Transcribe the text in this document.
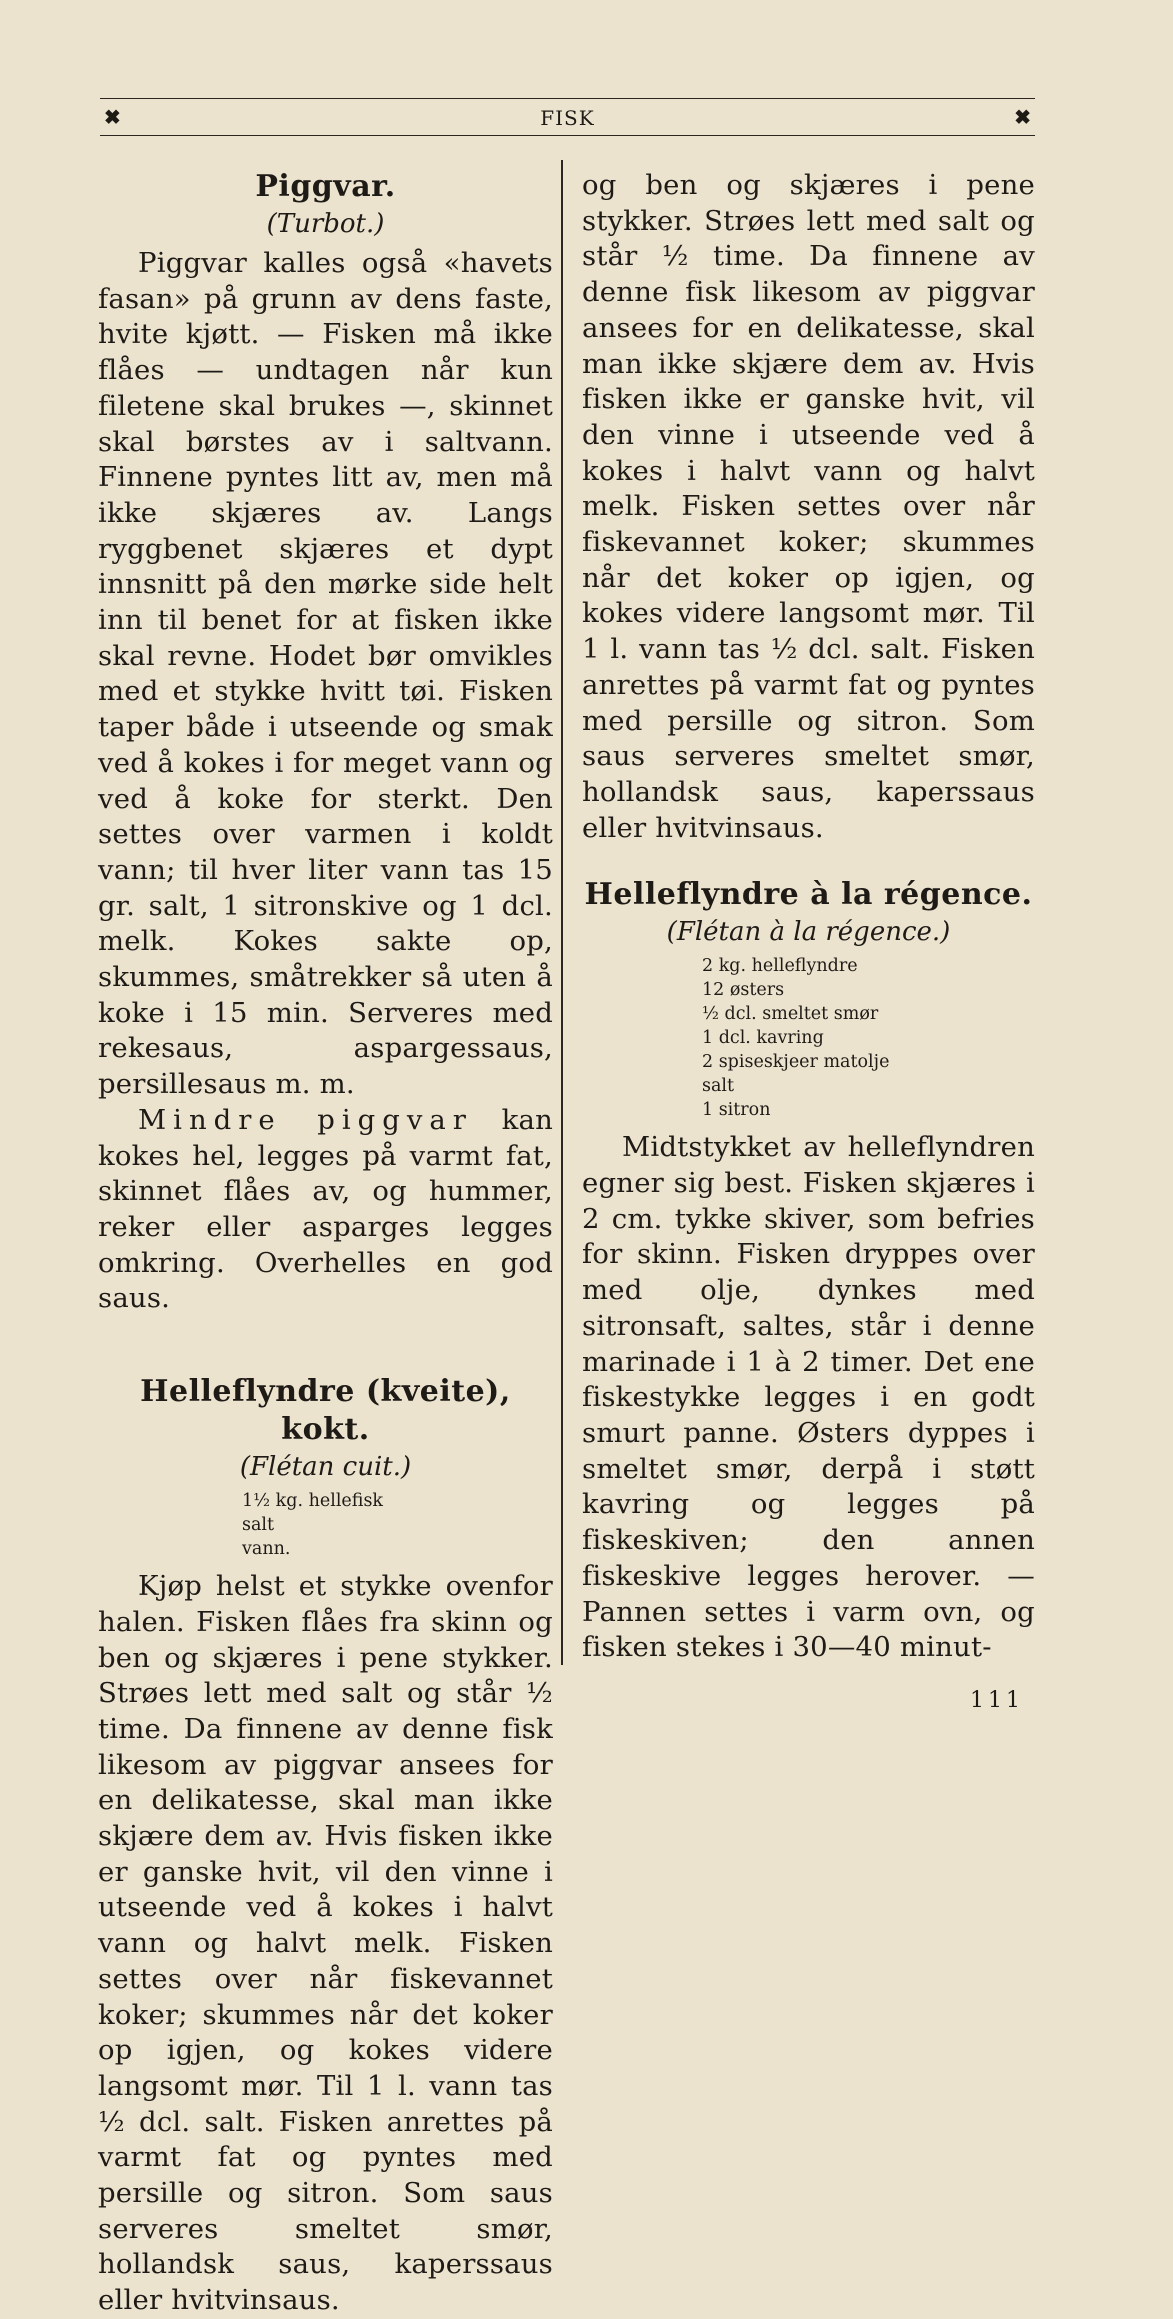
✖	FISK	✖
Piggvar.
(Turbot.)

Piggvar kalles også «havets fasan» på grunn av dens faste, hvite kjøtt. — Fisken må ikke flåes — undtagen når kun filetene skal brukes —, skinnet skal børstes av i saltvann. Finnene pyntes litt av, men må ikke skjæres av. Langs ryggbenet skjæres et dypt innsnitt på den mørke side helt inn til benet for at fisken ikke skal revne. Hodet bør omvikles med et stykke hvitt tøi. Fisken taper både i utseende og smak ved å kokes i for meget vann og ved å koke for sterkt. Den settes over varmen i koldt vann; til hver liter vann tas 15 gr. salt, 1 sitronskive og 1 dcl. melk. Kokes sakte op, skummes, småtrekker så uten å koke i 15 min. Serveres med rekesaus, aspargessaus, persillesaus m. m.

Mindre piggvar kan kokes hel, legges på varmt fat, skinnet flåes av, og hummer, reker eller asparges legges omkring. Overhelles en god saus.

Helleflyndre (kveite), kokt.
(Flétan cuit.)
1½ kg. hellefisk
salt
vann.

Kjøp helst et stykke ovenfor halen. Fisken flåes fra skinn og ben og skjæres i pene stykker. Strøes lett med salt og står ½ time. Da finnene av denne fisk likesom av piggvar ansees for en delikatesse, skal man ikke skjære dem av. Hvis fisken ikke er ganske hvit, vil den vinne i utseende ved å kokes i halvt vann og halvt melk. Fisken settes over når fiskevannet koker; skummes når det koker op igjen, og kokes videre langsomt mør. Til 1 l. vann tas ½ dcl. salt. Fisken anrettes på varmt fat og pyntes med persille og sitron. Som saus serveres smeltet smør, hollandsk saus, kaperssaus eller hvitvinsaus.

og ben og skjæres i pene stykker. Strøes lett med salt og står ½ time. Da finnene av denne fisk likesom av piggvar ansees for en delikatesse, skal man ikke skjære dem av. Hvis fisken ikke er ganske hvit, vil den vinne i utseende ved å kokes i halvt vann og halvt melk. Fisken settes over når fiskevannet koker; skummes når det koker op igjen, og kokes videre langsomt mør. Til 1 l. vann tas ½ dcl. salt. Fisken anrettes på varmt fat og pyntes med persille og sitron. Som saus serveres smeltet smør, hollandsk saus, kaperssaus eller hvitvinsaus.

Helleflyndre à la régence.
(Flétan à la régence.)
2 kg. helleflyndre
12 østers
½ dcl. smeltet smør
1 dcl. kavring
2 spiseskjeer matolje
salt
1 sitron

Midtstykket av helleflyndren egner sig best. Fisken skjæres i 2 cm. tykke skiver, som befries for skinn. Fisken dryppes over med olje, dynkes med sitronsaft, saltes, står i denne marinade i 1 à 2 timer. Det ene fiskestykke legges i en godt smurt panne. Østers dyppes i smeltet smør, derpå i støtt kavring og legges på fiskeskiven; den annen fiskeskive legges herover. — Pannen settes i varm ovn, og fisken stekes i 30—40 minut-

111
